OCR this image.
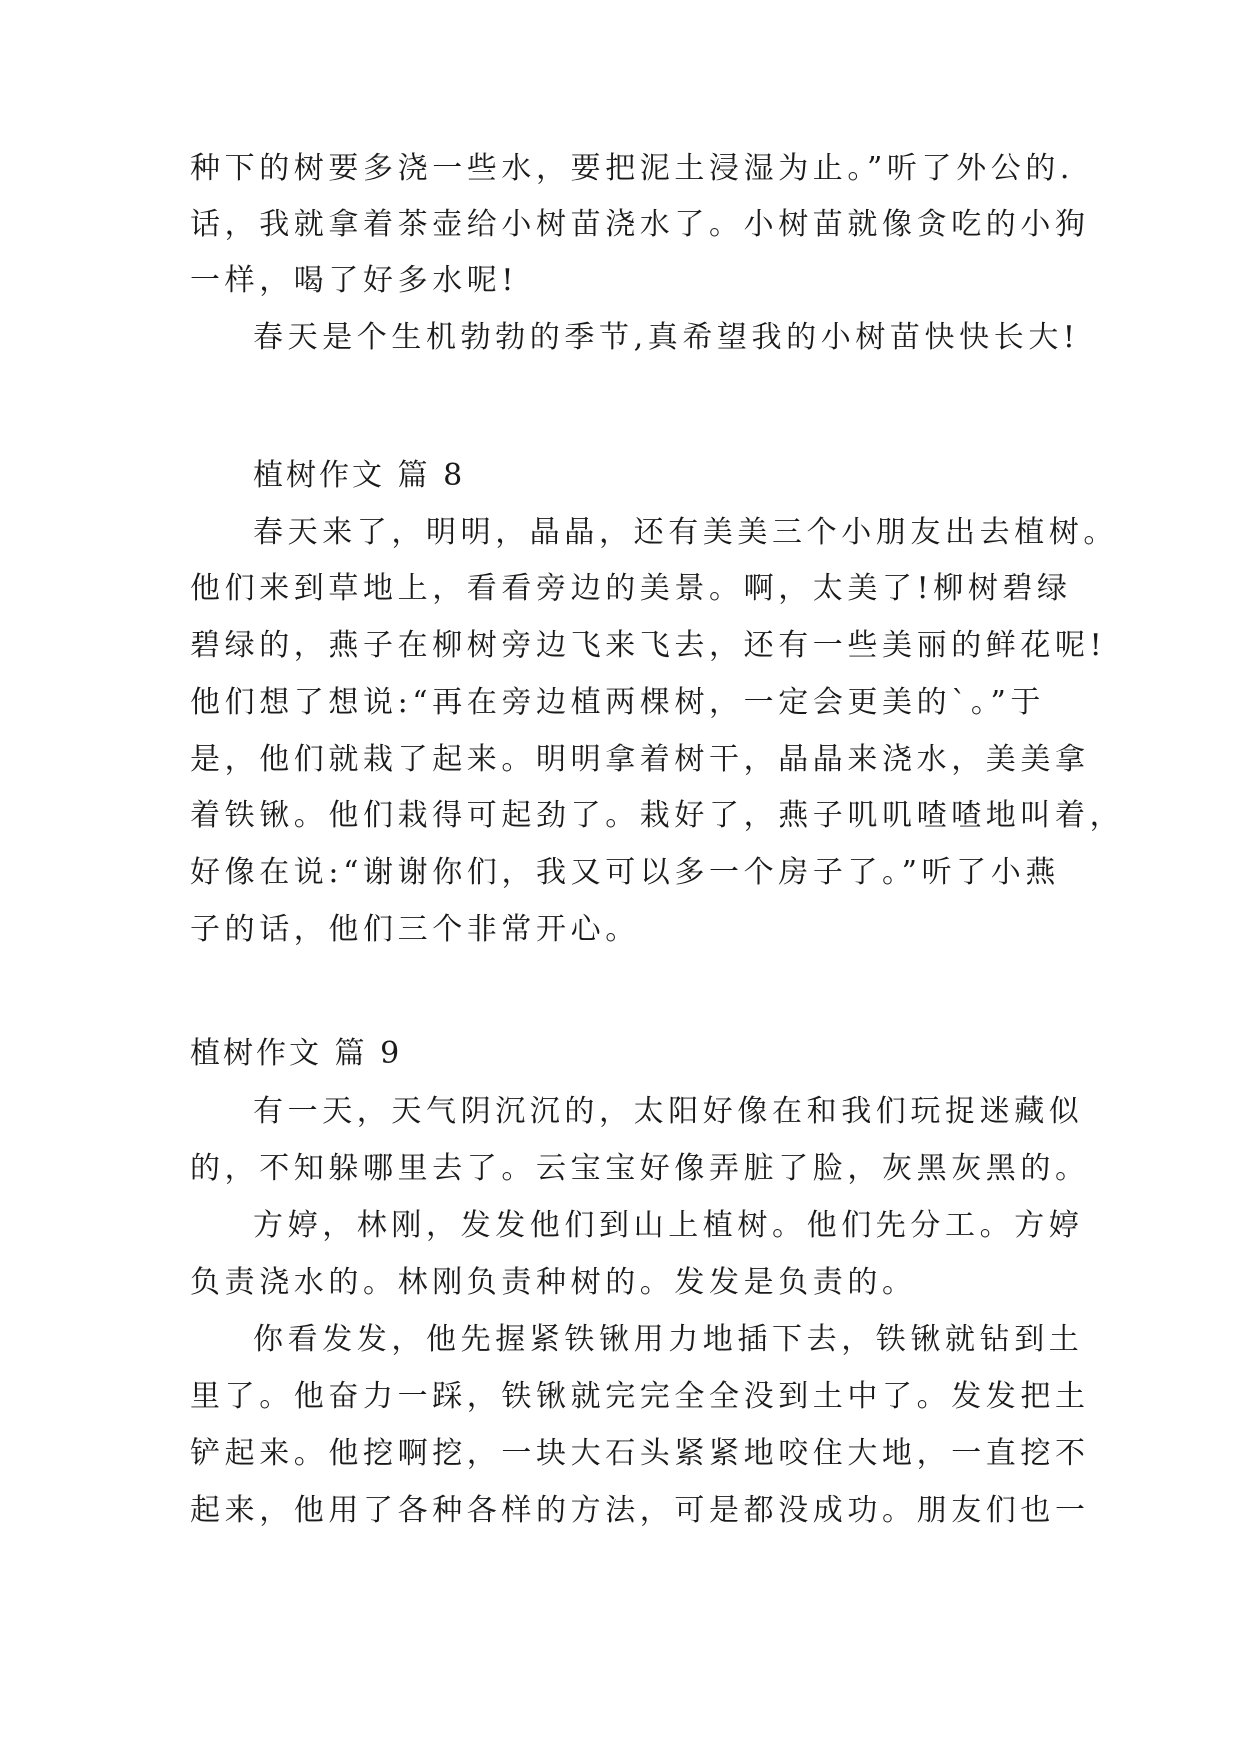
种下的树要多浇一些水，要把泥土浸湿为止。”听了外公的.
话，我就拿着茶壶给小树苗浇水了。小树苗就像贪吃的小狗
一样，喝了好多水呢!
春天是个生机勃勃的季节,真希望我的小树苗快快长大!
植树作文 篇 8
春天来了，明明，晶晶，还有美美三个小朋友出去植树。
他们来到草地上，看看旁边的美景。啊，太美了!柳树碧绿
碧绿的，燕子在柳树旁边飞来飞去，还有一些美丽的鲜花呢!
他们想了想说:“再在旁边植两棵树，一定会更美的`。”于
是，他们就栽了起来。明明拿着树干，晶晶来浇水，美美拿
着铁锹。他们栽得可起劲了。栽好了，燕子叽叽喳喳地叫着，
好像在说:“谢谢你们，我又可以多一个房子了。”听了小燕
子的话，他们三个非常开心。
植树作文 篇 9
有一天，天气阴沉沉的，太阳好像在和我们玩捉迷藏似
的，不知躲哪里去了。云宝宝好像弄脏了脸，灰黑灰黑的。
方婷，林刚，发发他们到山上植树。他们先分工。方婷
负责浇水的。林刚负责种树的。发发是负责的。
你看发发，他先握紧铁锹用力地插下去，铁锹就钻到土
里了。他奋力一踩，铁锹就完完全全没到土中了。发发把土
铲起来。他挖啊挖，一块大石头紧紧地咬住大地，一直挖不
起来，他用了各种各样的方法，可是都没成功。朋友们也一
